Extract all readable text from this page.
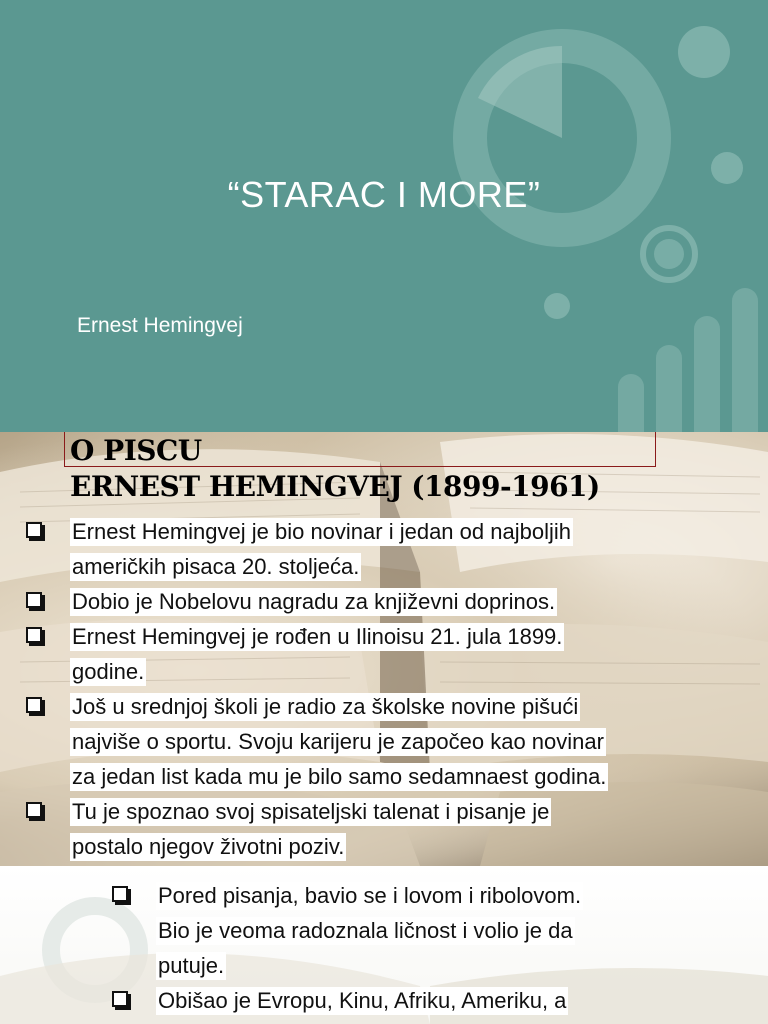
“STARAC I MORE”
Ernest Hemingvej
O PISCU
ERNEST HEMINGVEJ (1899-1961)
Ernest Hemingvej je bio novinar i jedan od najboljih
američkih pisaca 20. stoljeća.
Dobio je Nobelovu nagradu za književni doprinos.
Ernest Hemingvej je rođen u Ilinoisu 21. jula 1899.
godine.
Još u srednjoj školi je radio za školske novine pišući
najviše o sportu. Svoju karijeru je započeo kao novinar
za jedan list kada mu je bilo samo sedamnaest godina.
Tu je spoznao svoj spisateljski talenat i pisanje je
postalo njegov životni poziv.
Pored pisanja, bavio se i lovom i ribolovom.
Bio je veoma radoznala ličnost i volio je da
putuje.
Obišao je Evropu, Kinu, Afriku, Ameriku, a
